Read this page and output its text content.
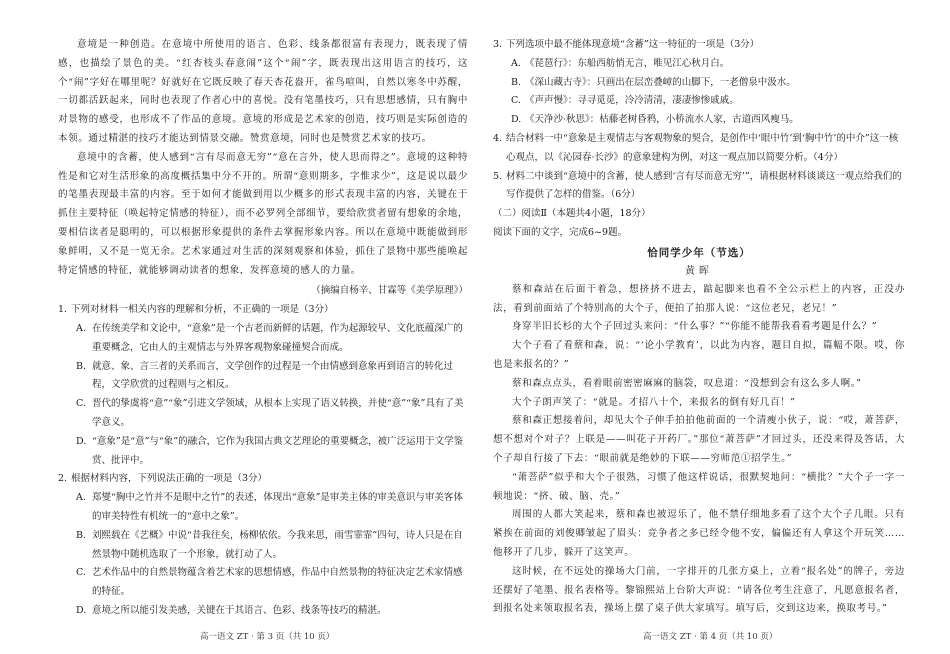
意境是一种创造。在意境中所使用的语言、色彩、线条都很富有表现力，既表现了情感，也描绘了景色的美。“红杏枝头春意闹”这个“闹”字，既表现出这用语言的技巧，这个“闹”字好在哪里呢？好就好在它既反映了春天杏花盎开，雀鸟喧叫，自然以寒冬中苏醒，一切都活跃起来，同时也表现了作者心中的喜悦。没有笔墨技巧，只有思想感情，只有胸中对景物的感受，也形成不了作品的意境。意境的形成是艺术家的创造，技巧则是实际创造的本领。通过精湛的技巧才能达到情景交融。赞赏意境，同时也是赞赏艺术家的技巧。

意境中的含蓄，使人感到“言有尽而意无穷”“意在言外，使人思而得之”。意境的这种特性是和它对生活形象的高度概括集中分不开的。所谓“意则期多，字惟求少”，这是说以最少的笔墨表现最丰富的内容。至于如何才能做到用以少概多的形式表现丰富的内容，关键在于抓住主要特征（唤起特定情感的特征），而不必罗列全部细节，要给欣赏者留有想象的余地，要相信读者是聪明的，可以根据形象提供的条件去掌握形象内容。所以在意境中既能做到形象鲜明，又不是一览无余。艺术家通过对生活的深刻观察和体验，抓住了景物中那些能唤起特定情感的特征，就能够调动读者的想象，发挥意境的感人的力量。

（摘编自杨辛、甘霖等《美学原理》）

1. 下列对材料一相关内容的理解和分析，不正确的一项是（3分）

A. 在传统美学和文论中，“意象”是一个古老而新鲜的话题，作为起源较早、文化底蕴深广的重要概念，它由人的主观情志与外界客观物象碰撞契合而成。

B. 就意、象、言三者的关系而言，文学创作的过程是一个由情感到意象再到语言的转化过程，文学欣赏的过程则与之相反。

C. 晋代的挚虞将“意”“象”引进文学领域，从根本上实现了语义转换，并使“意”“象”具有了美学意义。

D. “意象”是“意”与“象”的融合，它作为我国古典文艺理论的重要概念，被广泛运用于文学鉴赏、批评中。

2. 根据材料内容，下列说法正确的一项是（3分）

A. 郑燮“胸中之竹并不是眼中之竹”的表述，体现出“意象”是审美主体的审美意识与审美客体的审美特性有机统一的“意中之象”。

B. 刘熙载在《艺概》中说“昔我往矣，杨柳依依。今我来思，雨雪霏霏”四句，诗人只是在自然景物中随机选取了一个形象，就打动了人。

C. 艺术作品中的自然景物蕴含着艺术家的思想情感，作品中自然景物的特征决定艺术家情感的特征。

D. 意境之所以能引发美感，关键在于其语言、色彩、线条等技巧的精湛。

高一语文 ZT · 第 3 页（共 10 页）

3. 下列选项中最不能体现意境“含蓄”这一特征的一项是（3分）

A. 《琵琶行》：东船西舫悄无言，唯见江心秋月白。

B. 《深山藏古寺》：只画出在层峦叠嶂的山脚下，一老僧泉中汲水。

C. 《声声慢》：寻寻觅觅，冷冷清清，凄凄惨惨戚戚。

D. 《天净沙·秋思》：枯藤老树昏鸦，小桥流水人家，古道西风瘦马。

4. 结合材料一中“意象是主观情志与客观物象的契合，是创作中‘眼中竹’到‘胸中竹’的中介”这一核心观点，以《沁园春·长沙》的意象建构为例，对这一观点加以简要分析。（4分）

5. 材料二中谈到“意境中的含蓄，使人感到‘言有尽而意无穷’”，请根据材料谈谈这一观点给我们的写作提供了怎样的借鉴。（6分）

（二）阅读Ⅱ（本题共4小题，18分）

阅读下面的文字，完成6~9题。

恰同学少年（节选）

黄晖

蔡和森站在后面干着急，想挤挤不进去，踮起脚来也看不全公示栏上的内容，正没办法，看到前面站了个特别高的大个子，便拍了拍那人说：“这位老兄，老兄！”

身穿半旧长杉的大个子回过头来问：“什么事？”“你能不能帮我看看考题是什么？”

大个子看了看蔡和森，说：“‘论小学教育’，以此为内容，题目自拟，篇幅不限。哎，你也是来报名的？”

蔡和森点点头，看着眼前密密麻麻的脑袋，叹息道：“没想到会有这么多人啊。”

大个子朗声笑了：“就是。才招八十个，来报名的倒有好几百！”

蔡和森正想接着问，却见大个子伸手拍拍他前面的一个清瘦小伙子，说：“哎，萧菩萨，想不想对个对子？上联是——叫花子开药厂。”那位“萧菩萨”才回过头，还没来得及答话，大个子却自行接了下去：“眼前就是绝妙的下联——穷师范①招学生。”

“萧菩萨”似乎和大个子很熟，习惯了他这样说话，很默契地问：“横批？”大个子一字一顿地说：“挤、破、脑、壳。”

周围的人都大笑起来，蔡和森也被逗乐了，他不禁仔细地多看了这个大个子几眼。只有紧挨在前面的刘俊卿皱起了眉头：竞争者之多已经令他不安，偏偏还有人拿这个开玩笑……他移开了几步，躲开了这笑声。

这时候，在不远处的操场大门前，一字排开的几张方桌上，立着“报名处”的牌子，旁边还摆好了笔墨、报名表格等。黎锦熙站上台阶大声说：“请各位考生注意了，凡愿意报名者，到报名处来领取报名表，操场上摆了桌子供大家填写。填写后，交到这边来，换取考号。”

高一语文 ZT · 第 4 页（共 10 页）
